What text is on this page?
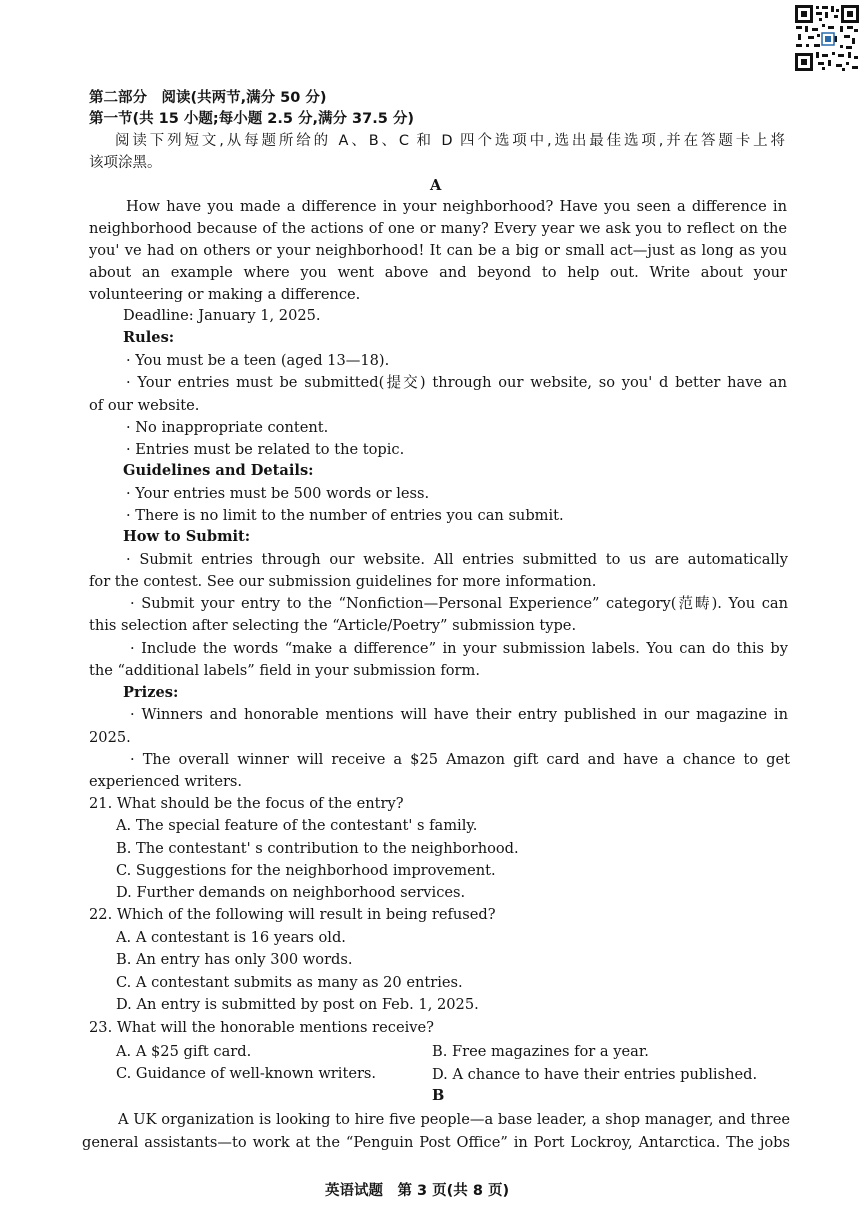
第二部分　阅读(共两节,满分 50 分)
第一节(共 15 小题;每小题 2.5 分,满分 37.5 分)
阅读下列短文,从每题所给的 A、B、C 和 D 四个选项中,选出最佳选项,并在答题卡上将
该项涂黑。
A
How have you made a difference in your neighborhood? Have you seen a difference in
neighborhood because of the actions of one or many? Every year we ask you to reflect on the
you' ve had on others or your neighborhood! It can be a big or small act—just as long as you
about an example where you went above and beyond to help out. Write about your
volunteering or making a difference.
Deadline: January 1, 2025.
Rules:
· You must be a teen (aged 13—18).
· Your entries must be submitted(提交) through our website, so you' d better have an
of our website.
· No inappropriate content.
· Entries must be related to the topic.
Guidelines and Details:
· Your entries must be 500 words or less.
· There is no limit to the number of entries you can submit.
How to Submit:
· Submit entries through our website. All entries submitted to us are automatically
for the contest. See our submission guidelines for more information.
· Submit your entry to the “Nonfiction—Personal Experience” category(范畴). You can
this selection after selecting the “Article/Poetry” submission type.
· Include the words “make a difference” in your submission labels. You can do this by
the “additional labels” field in your submission form.
Prizes:
· Winners and honorable mentions will have their entry published in our magazine in
2025.
· The overall winner will receive a $25 Amazon gift card and have a chance to get
experienced writers.
21. What should be the focus of the entry?
A. The special feature of the contestant' s family.
B. The contestant' s contribution to the neighborhood.
C. Suggestions for the neighborhood improvement.
D. Further demands on neighborhood services.
22. Which of the following will result in being refused?
A. A contestant is 16 years old.
B. An entry has only 300 words.
C. A contestant submits as many as 20 entries.
D. An entry is submitted by post on Feb. 1, 2025.
23. What will the honorable mentions receive?
A. A $25 gift card.	B. Free magazines for a year.
C. Guidance of well-known writers.	D. A chance to have their entries published.
B
A UK organization is looking to hire five people—a base leader, a shop manager, and three
general assistants—to work at the “Penguin Post Office” in Port Lockroy, Antarctica. The jobs
英语试题　第 3 页(共 8 页)
